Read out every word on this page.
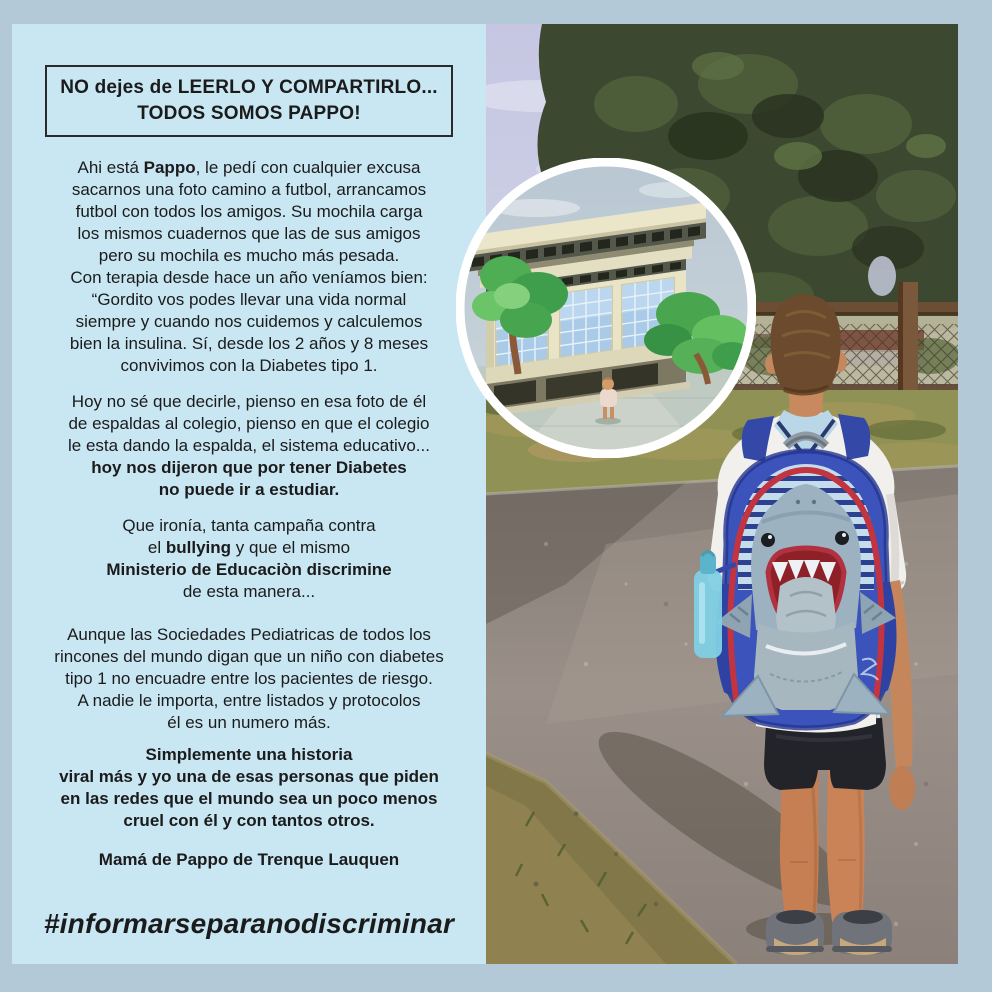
NO dejes de LEERLO Y COMPARTIRLO...
TODOS SOMOS PAPPO!
Ahi está Pappo, le pedí con cualquier excusa
sacarnos una foto camino a futbol, arrancamos
futbol con todos los amigos. Su mochila carga
los mismos cuadernos que las de sus amigos
pero su mochila es mucho más pesada.
Con terapia desde hace un año veníamos bien:
“Gordito vos podes llevar una vida normal
siempre y cuando nos cuidemos y calculemos
bien la insulina. Sí, desde los 2 años y 8 meses
convivimos con la Diabetes tipo 1.
Hoy no sé que decirle, pienso en esa foto de él
de espaldas al colegio, pienso en que el colegio
le esta dando la espalda, el sistema educativo...
hoy nos dijeron que por tener Diabetes
no puede ir a estudiar.
Que ironía, tanta campaña contra
el bullying y que el mismo
Ministerio de Educaciòn discrimine
de esta manera...
Aunque las Sociedades Pediatricas de todos los
rincones del mundo digan que un niño con diabetes
tipo 1 no encuadre entre los pacientes de riesgo.
A nadie le importa, entre listados y protocolos
él es un numero más.
Simplemente una historia
viral más y yo una de esas personas que piden
en las redes que el mundo sea un poco menos
cruel con él y con tantos otros.
Mamá de Pappo de Trenque Lauquen
#informarseparanodiscriminar
